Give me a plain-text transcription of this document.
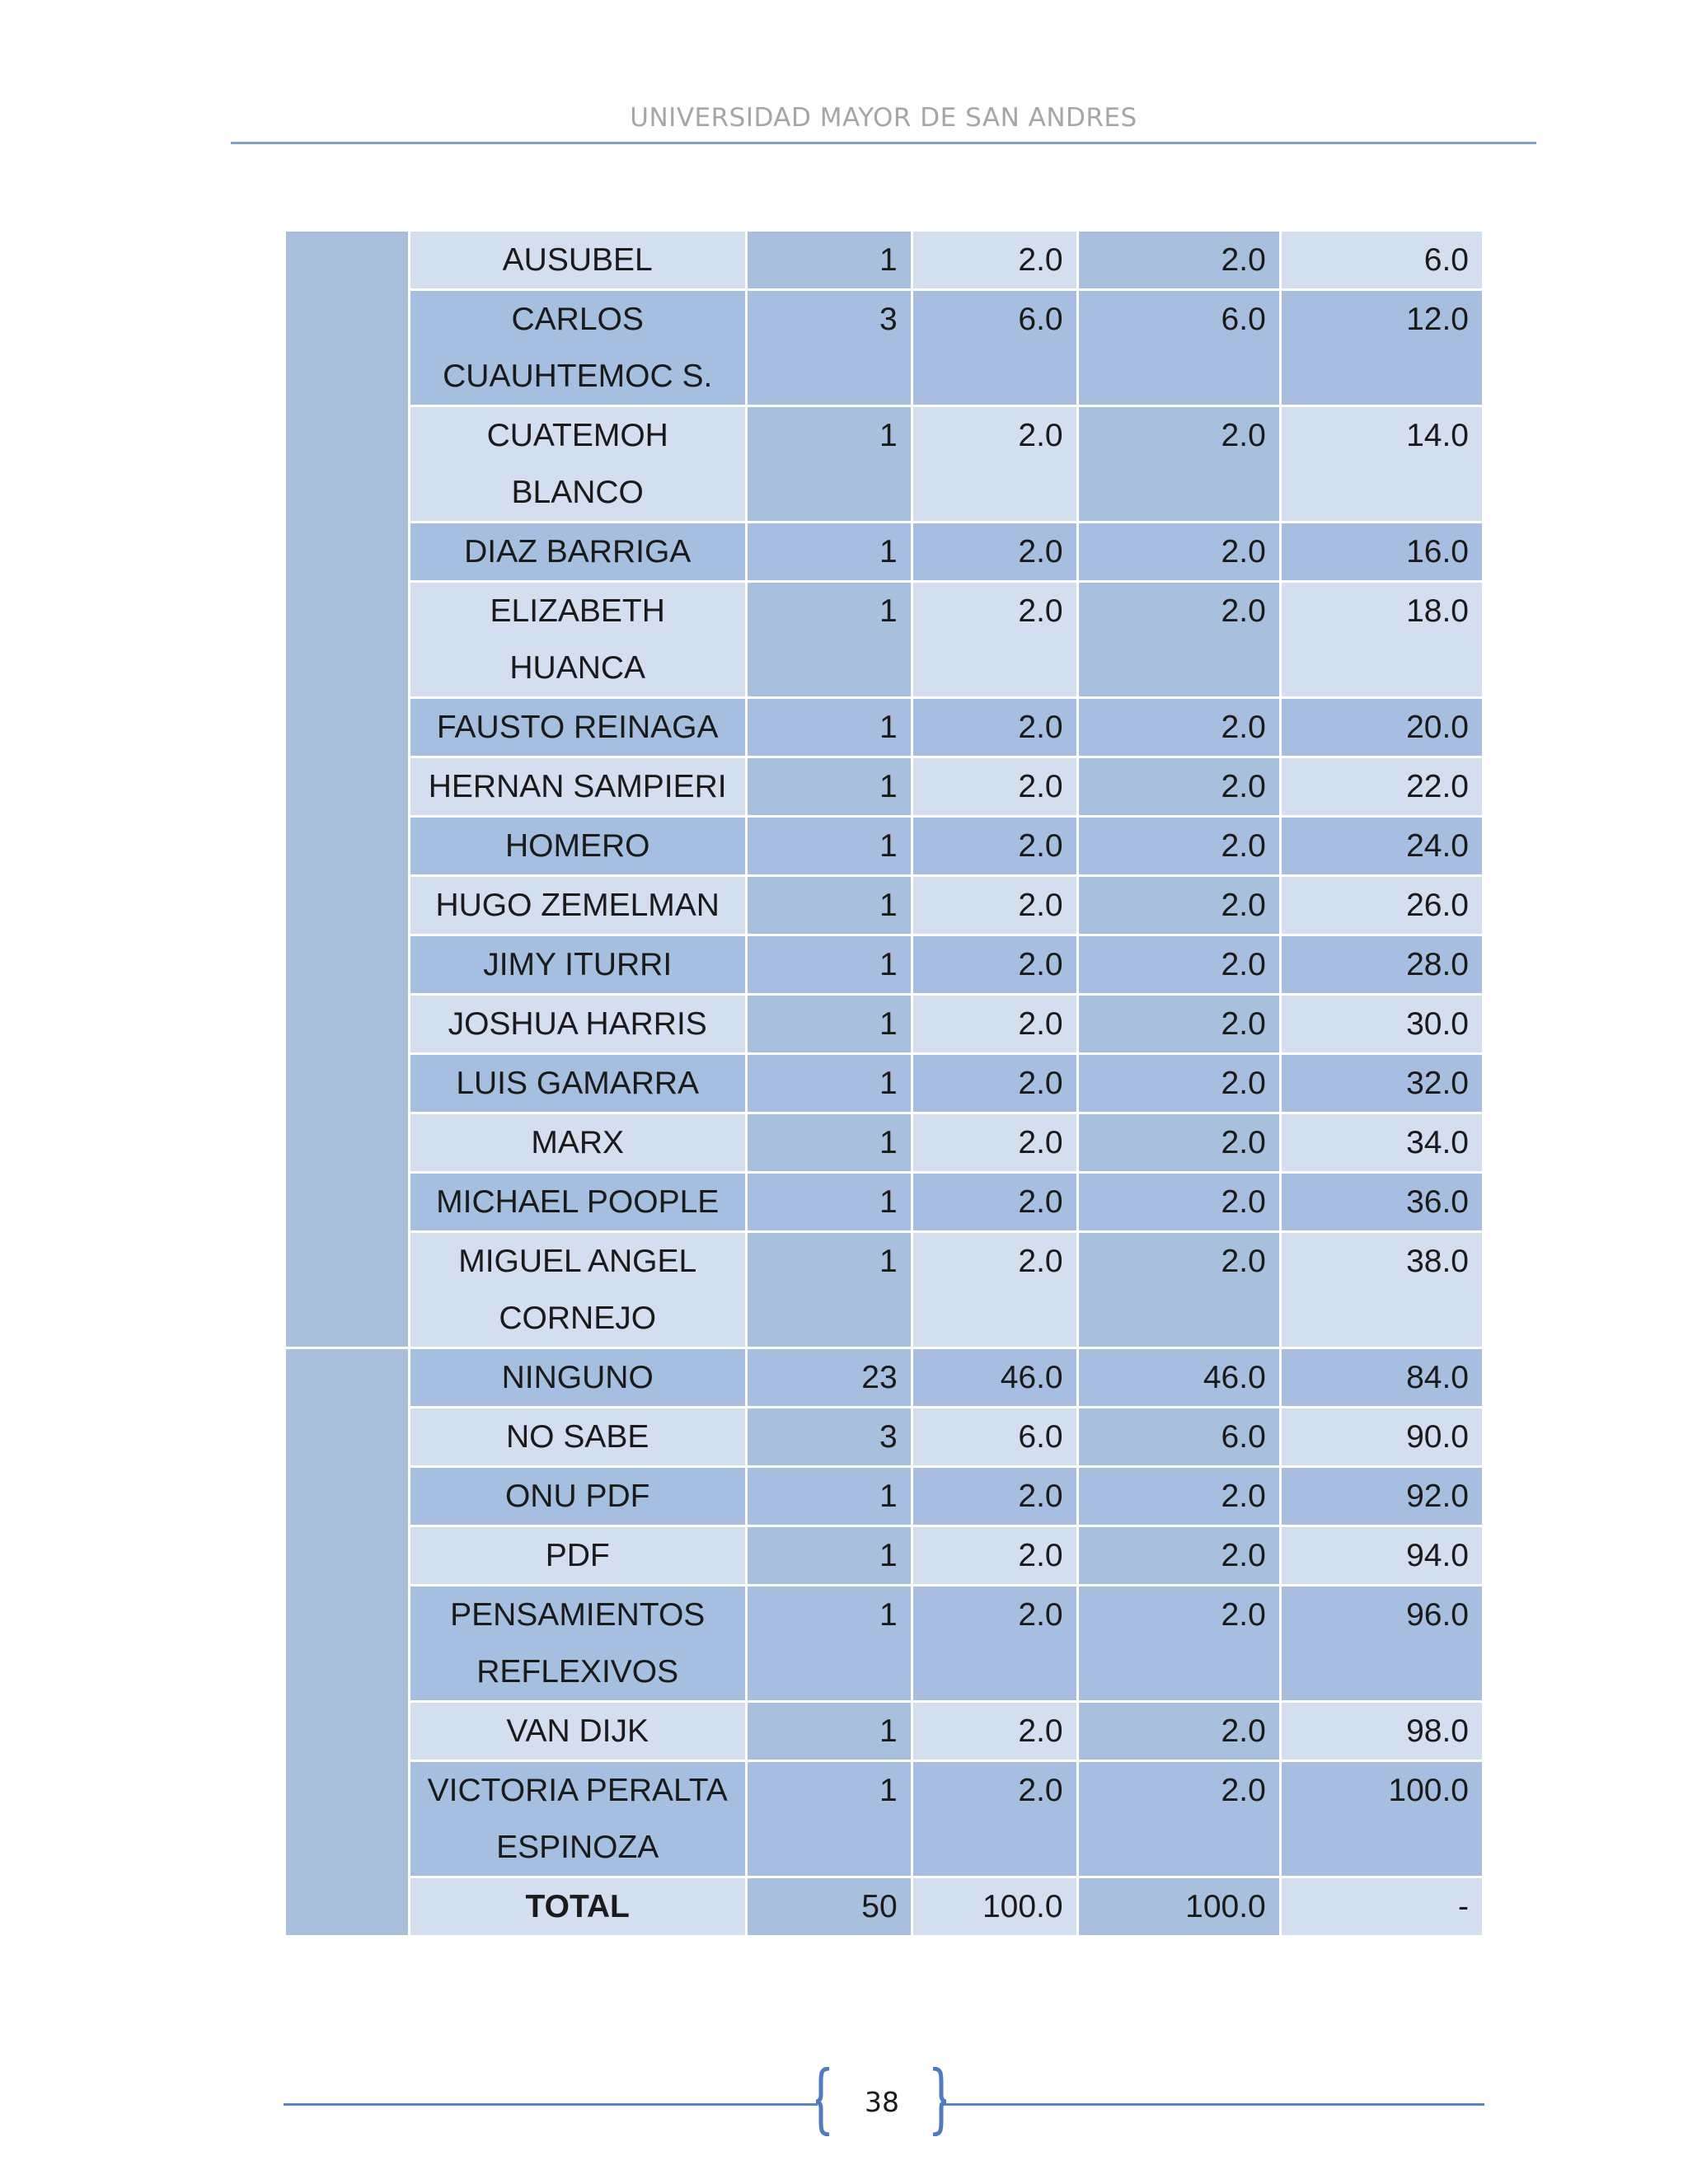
UNIVERSIDAD MAYOR DE SAN ANDRES
	AUSUBEL	1	2.0	2.0	6.0
	CARLOS CUAUHTEMOC S.	3	6.0	6.0	12.0
	CUATEMOH BLANCO	1	2.0	2.0	14.0
	DIAZ BARRIGA	1	2.0	2.0	16.0
	ELIZABETH HUANCA	1	2.0	2.0	18.0
	FAUSTO REINAGA	1	2.0	2.0	20.0
	HERNAN SAMPIERI	1	2.0	2.0	22.0
	HOMERO	1	2.0	2.0	24.0
	HUGO ZEMELMAN	1	2.0	2.0	26.0
	JIMY ITURRI	1	2.0	2.0	28.0
	JOSHUA HARRIS	1	2.0	2.0	30.0
	LUIS GAMARRA	1	2.0	2.0	32.0
	MARX	1	2.0	2.0	34.0
	MICHAEL POOPLE	1	2.0	2.0	36.0
	MIGUEL ANGEL CORNEJO	1	2.0	2.0	38.0
	NINGUNO	23	46.0	46.0	84.0
	NO SABE	3	6.0	6.0	90.0
	ONU PDF	1	2.0	2.0	92.0
	PDF	1	2.0	2.0	94.0
	PENSAMIENTOS REFLEXIVOS	1	2.0	2.0	96.0
	VAN DIJK	1	2.0	2.0	98.0
	VICTORIA PERALTA ESPINOZA	1	2.0	2.0	100.0
	TOTAL	50	100.0	100.0	-
38
